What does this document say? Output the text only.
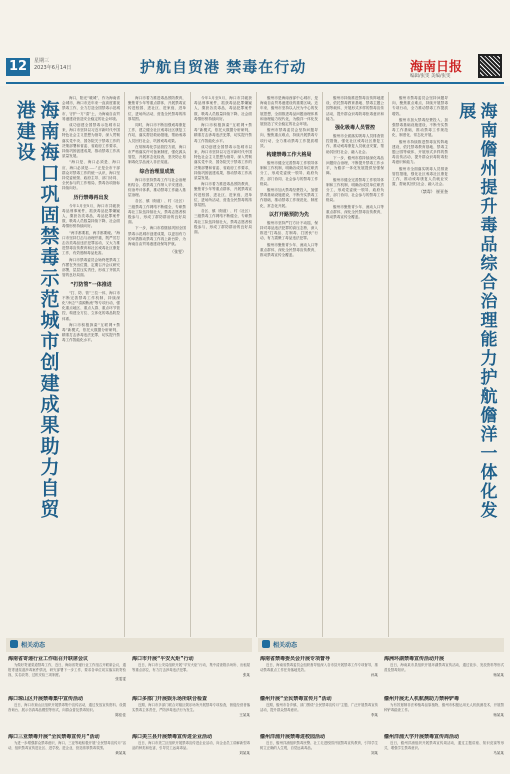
12	星期三
2023年6月14日	护航自贸港 禁毒在行动	海南日报
编辑/张雯 美编/张雯
海南海口巩固禁毒示范城市创建成果助力自贸港建设

海口，阳光“暖城”，作为海南省会城市，海口市近年来一直高度重视禁毒工作，全力打造全国禁毒示范城市，守护一方“清”土，为海南自由贸易港建设营造安全稳定的社会环境。

成功创建全国禁毒示范城市以来，海口市坚持以习近平新时代中国特色社会主义思想为指导，深入贯彻落实党中央、国务院关于禁毒工作的决策部署和省委、省政府工作要求，持续巩固创建成果，推动禁毒工作高质量发展。

“海口是、海口必须是、海口应、海口必须是……”正是全市干部群众对禁毒工作的统一认识，海口坚持党委统领、政府主导、部门协同、全民参与的工作格局，禁毒各项指标持续向好。

历行禁毒再出发

今年1月至5月，海口市共破获毒品刑事案件，抓获毒品犯罪嫌疑人，缴获各类毒品，毒品犯罪案件数、吸毒人员数量持续下降，社会面毒情形势持续向好。

“两手都要抓，两手都要硬。”海口市坚持打击与治理并重，既严厉打击各类毒品违法犯罪活动，又大力推进禁毒宣传教育和社区戒毒社区康复工作，有效遏制毒品危害。

海口市禁毒委员会始终把禁毒工作摆在突出位置，定期召开会议研究部署，层层压实责任，形成了齐抓共管的良好局面。

“打防管”一体推进

“打、防、管”三位一体，海口市不断完善禁毒工作机制，持续深化“净边”“清源断流”等专项行动，强化重点地区、重点人群、重点环节管控，构建全方位、立体化的毒品防控体系。

海口市积极探索“互联网+禁毒”新模式，依托大数据分析研判，精准打击涉毒违法犯罪，切实提升禁毒工作智能化水平。

海口市着力推进毒品预防教育，聚焦青少年等重点群体，开展禁毒宣传进校园、进社区、进家庭、进单位、进场所活动，营造全民禁毒的浓厚氛围。

同时，海口市不断加强戒毒康复工作，建立健全社区戒毒社区康复工作站，落实帮扶救助措施，帮助戒毒人员回归社会，巩固戒毒成果。

在易制毒化学品管控方面，海口市严格落实许可备案制度，强化源头管控，开展常态化检查，坚决防止易制毒化学品流入非法渠道。

综合治理显成效

海口市坚持禁毒工作与社会治理相结合，将禁毒工作纳入平安建设、综治考评体系，推动禁毒工作融入基层治理。

各区、镇（街道）、村（社区）三级禁毒工作网络不断健全，专职禁毒社工队伍持续壮大，禁毒志愿者积极参与，形成了群防群治的良好局面。

下一步，海口市将继续巩固全国禁毒示范城市创建成果，以更加有力的举措推动禁毒工作再上新台阶，为海南自由贸易港建设保驾护航。

（张雯）

今年1月至5月，海口市共破获毒品刑事案件，抓获毒品犯罪嫌疑人，缴获各类毒品，毒品犯罪案件数、吸毒人员数量持续下降，社会面毒情形势持续向好。

海口市积极探索“互联网+禁毒”新模式，依托大数据分析研判，精准打击涉毒违法犯罪，切实提升禁毒工作智能化水平。

成功创建全国禁毒示范城市以来，海口市坚持以习近平新时代中国特色社会主义思想为指导，深入贯彻落实党中央、国务院关于禁毒工作的决策部署和省委、省政府工作要求，持续巩固创建成果，推动禁毒工作高质量发展。

海口市着力推进毒品预防教育，聚焦青少年等重点群体，开展禁毒宣传进校园、进社区、进家庭、进单位、进场所活动，营造全民禁毒的浓厚氛围。

各区、镇（街道）、村（社区）三级禁毒工作网络不断健全，专职禁毒社工队伍持续壮大，禁毒志愿者积极参与，形成了群防群治的良好局面。

儋州市是海南西部中心城市，是海南自由贸易港建设的重要区域。近年来，儋州市坚持以人民为中心的发展思想，全面推进毒品问题治理体系和治理能力现代化，为儋洋一体化发展营造了安全稳定的社会环境。

儋州市禁毒委员会坚持问题导向，聚焦重点难点，持续开展禁毒专项行动，全力推动禁毒工作提质增效。

构建禁毒工作大格局

儋州市健全完善禁毒工作领导体制和工作机制，明确各成员单位职责分工，形成党委统一领导、政府负责、部门协同、社会参与的禁毒工作格局。

儋州市加大禁毒经费投入，加强禁毒基础设施建设，不断夯实禁毒工作基础，推动禁毒工作规范化、制度化、常态化开展。

以打开路预防为先

儋州市坚持严打方针不动摇，保持对毒品违法犯罪的高压态势，深入推进“打毒品、打制毒、打团伙”行动，有力震慑了毒品违法犯罪。

儋州市聚焦青少年、流动人口等重点群体，深化全民禁毒宣传教育，推动禁毒宣传全覆盖。

儋州市持续推进禁毒宣传阵地建设，依托禁毒教育基地、禁毒主题公园等载体，开展形式多样的禁毒宣传活动，提升群众识毒防毒拒毒意识和能力。

强化吸毒人员管控

儋州市全面落实吸毒人员排查管控措施，强化社区戒毒社区康复工作，推动戒毒康复人员就业安置，帮助其回归社会、融入社会。

下一步，儋州市将持续深化毒品问题综合治理，不断提升禁毒工作水平，为儋洋一体化发展提供坚强保障。

儋州市健全完善禁毒工作领导体制和工作机制，明确各成员单位职责分工，形成党委统一领导、政府负责、部门协同、社会参与的禁毒工作格局。

儋州市聚焦青少年、流动人口等重点群体，深化全民禁毒宣传教育，推动禁毒宣传全覆盖。

儋州市禁毒委员会坚持问题导向，聚焦重点难点，持续开展禁毒专项行动，全力推动禁毒工作提质增效。

儋州市加大禁毒经费投入，加强禁毒基础设施建设，不断夯实禁毒工作基础，推动禁毒工作规范化、制度化、常态化开展。

儋州市持续推进禁毒宣传阵地建设，依托禁毒教育基地、禁毒主题公园等载体，开展形式多样的禁毒宣传活动，提升群众识毒防毒拒毒意识和能力。

儋州市全面落实吸毒人员排查管控措施，强化社区戒毒社区康复工作，推动戒毒康复人员就业安置，帮助其回归社会、融入社会。

（禁毒） 崔亚奎	海南儋州提升毒品综合治理能力护航儋洋一体化发展
相关动态	相关动态
海南省寄递行业工作组召开联席会议
为做好寄递渠道禁毒工作，近日，海南省寄递行业工作组召开联席会议，通报寄递渠道涉毒案件情况，研究部署下一步工作，要求各单位切实落实收寄验视、实名收寄、过机安检三项制度。
张雯雯
海口琼山区开展禁毒集中宣传活动
近日，海口市琼山区组织开展禁毒集中宣传活动，通过发放宣传资料、设置咨询台、展示仿真毒品模型等形式，向群众普及禁毒知识。
陈佳佳
海口三亚禁毒开展“全民禁毒宣传月”活动
为进一步增强群众禁毒意识，海口、三亚等地积极开展“全民禁毒宣传月”活动，组织禁毒宣传进社区、进学校、进企业，营造浓厚禁毒氛围。
黄某某
海口市开展“平安火炬”行动
近日，海口市公安局组织开展“平安火炬”行动，集中清查娱乐场所、出租屋等重点部位，有力打击涉毒违法犯罪。
张某
海口多部门开展娱乐场所联合检查
近期，海口市多部门联合对辖区娱乐场所开展禁毒专项检查，督促经营者落实禁毒主体责任，严防涉毒违法行为发生。
王某某
海口美兰县开展禁毒宣传进企业活动
近日，海口市美兰区组织开展禁毒宣传进企业活动，向企业员工讲解新型毒品的种类和危害，引导员工远离毒品。
刘某某
海南省禁毒委员会开展专项督导
近日，海南省禁毒委员会组织督导组深入各市县开展禁毒工作专项督导，推动禁毒重点工作任务落地见效。
孙某
儋州开展“全民禁毒宣传月”活动
近期，儋州市各乡镇、部门围绕“全民禁毒宣传月”主题，广泛开展禁毒宣传活动，提升群众禁毒意识。
李某
儋州洋浦开展禁毒进校园活动
近日，儋州洋浦组织禁毒民警、社工走进校园开展禁毒宣传教育，引导学生树立正确的人生观，自觉远离毒品。
刘某
海洲环湖禁毒宣传活动开展
近日，海南某市县组织开展环湖禁毒宣传活动，通过徒步、发放资料等形式普及禁毒知识。
杨某某
儋州开展无人机航测助力禁种铲毒
为有效遏制非法种植毒品原植物，儋州市积极运用无人机航测技术，开展禁种铲毒踏查工作。
杨某某
儋州洋浦大学开展禁毒宣传周活动
近日，儋州洋浦组织开展禁毒宣传周活动，通过主题讲座、知识竞赛等形式，增强学生禁毒意识。
马某某
